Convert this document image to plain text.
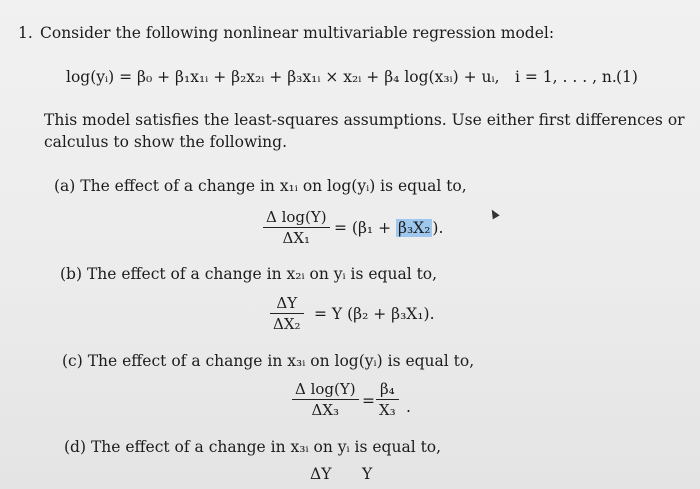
1. Consider the following nonlinear multivariable regression model:
log(yᵢ) = β₀ + β₁x₁ᵢ + β₂x₂ᵢ + β₃x₁ᵢ × x₂ᵢ + β₄ log(x₃ᵢ) + uᵢ, i = 1, . . . , n. (1)
This model satisfies the least-squares assumptions. Use either first differences or
calculus to show the following.
(a) The effect of a change in x₁ᵢ on log(yᵢ) is equal to,
Δ log(Y)
ΔX₁
= (β₁ + β₃X₂ ).
(b) The effect of a change in x₂ᵢ on yᵢ is equal to,
ΔY
ΔX₂
= Y (β₂ + β₃X₁).
(c) The effect of a change in x₃ᵢ on log(yᵢ) is equal to,
Δ log(Y)
ΔX₃ =
β₄
X₃ .
(d) The effect of a change in x₃ᵢ on yᵢ is equal to,
ΔY Y
